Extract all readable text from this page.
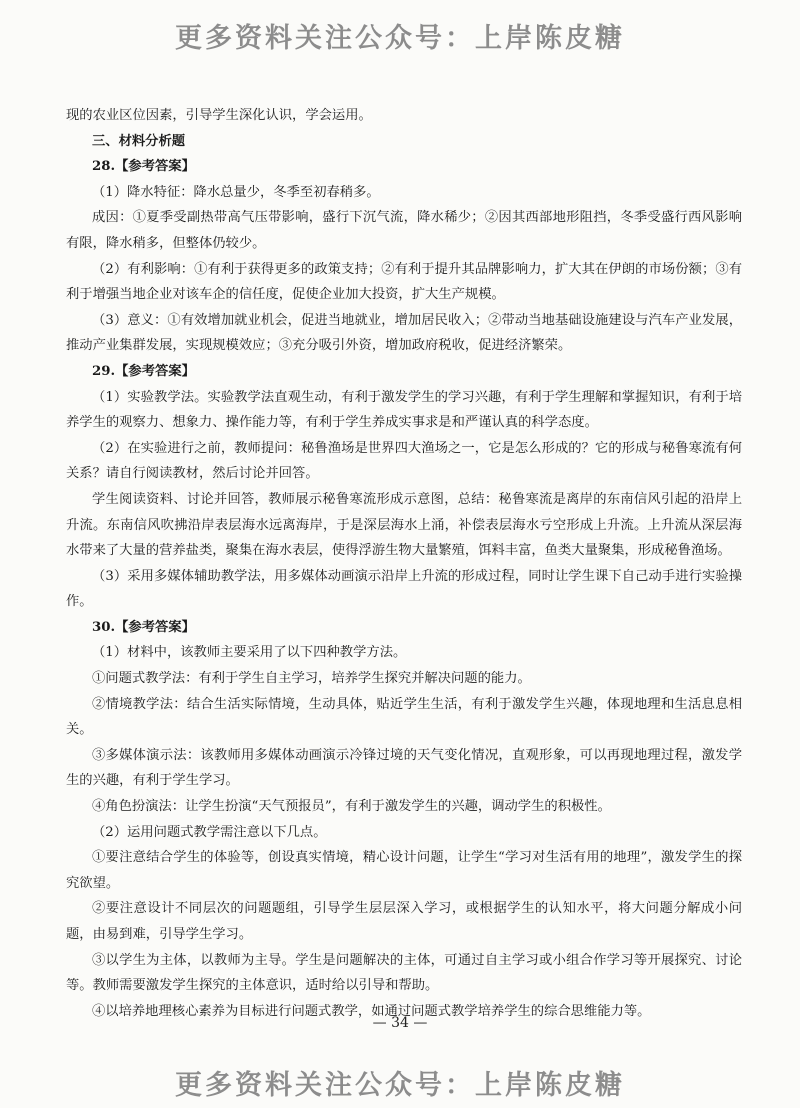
更多资料关注公众号：上岸陈皮糖

现的农业区位因素，引导学生深化认识，学会运用。

三、材料分析题

28.【参考答案】

（1）降水特征：降水总量少，冬季至初春稍多。

成因：①夏季受副热带高气压带影响，盛行下沉气流，降水稀少；②因其西部地形阻挡，冬季受盛行西风影响有限，降水稍多，但整体仍较少。

（2）有利影响：①有利于获得更多的政策支持；②有利于提升其品牌影响力，扩大其在伊朗的市场份额；③有利于增强当地企业对该车企的信任度，促使企业加大投资，扩大生产规模。

（3）意义：①有效增加就业机会，促进当地就业，增加居民收入；②带动当地基础设施建设与汽车产业发展，推动产业集群发展，实现规模效应；③充分吸引外资，增加政府税收，促进经济繁荣。

29.【参考答案】

（1）实验教学法。实验教学法直观生动，有利于激发学生的学习兴趣，有利于学生理解和掌握知识，有利于培养学生的观察力、想象力、操作能力等，有利于学生养成实事求是和严谨认真的科学态度。

（2）在实验进行之前，教师提问：秘鲁渔场是世界四大渔场之一，它是怎么形成的？它的形成与秘鲁寒流有何关系？请自行阅读教材，然后讨论并回答。

学生阅读资料、讨论并回答，教师展示秘鲁寒流形成示意图，总结：秘鲁寒流是离岸的东南信风引起的沿岸上升流。东南信风吹拂沿岸表层海水远离海岸，于是深层海水上涌，补偿表层海水亏空形成上升流。上升流从深层海水带来了大量的营养盐类，聚集在海水表层，使得浮游生物大量繁殖，饵料丰富，鱼类大量聚集，形成秘鲁渔场。

（3）采用多媒体辅助教学法，用多媒体动画演示沿岸上升流的形成过程，同时让学生课下自己动手进行实验操作。

30.【参考答案】

（1）材料中，该教师主要采用了以下四种教学方法。

①问题式教学法：有利于学生自主学习，培养学生探究并解决问题的能力。

②情境教学法：结合生活实际情境，生动具体，贴近学生生活，有利于激发学生兴趣，体现地理和生活息息相关。

③多媒体演示法：该教师用多媒体动画演示冷锋过境的天气变化情况，直观形象，可以再现地理过程，激发学生的兴趣，有利于学生学习。

④角色扮演法：让学生扮演“天气预报员”，有利于激发学生的兴趣，调动学生的积极性。

（2）运用问题式教学需注意以下几点。

①要注意结合学生的体验等，创设真实情境，精心设计问题，让学生“学习对生活有用的地理”，激发学生的探究欲望。

②要注意设计不同层次的问题题组，引导学生层层深入学习，或根据学生的认知水平，将大问题分解成小问题，由易到难，引导学生学习。

③以学生为主体，以教师为主导。学生是问题解决的主体，可通过自主学习或小组合作学习等开展探究、讨论等。教师需要激发学生探究的主体意识，适时给以引导和帮助。

④以培养地理核心素养为目标进行问题式教学，如通过问题式教学培养学生的综合思维能力等。

— 34 —
更多资料关注公众号：上岸陈皮糖
